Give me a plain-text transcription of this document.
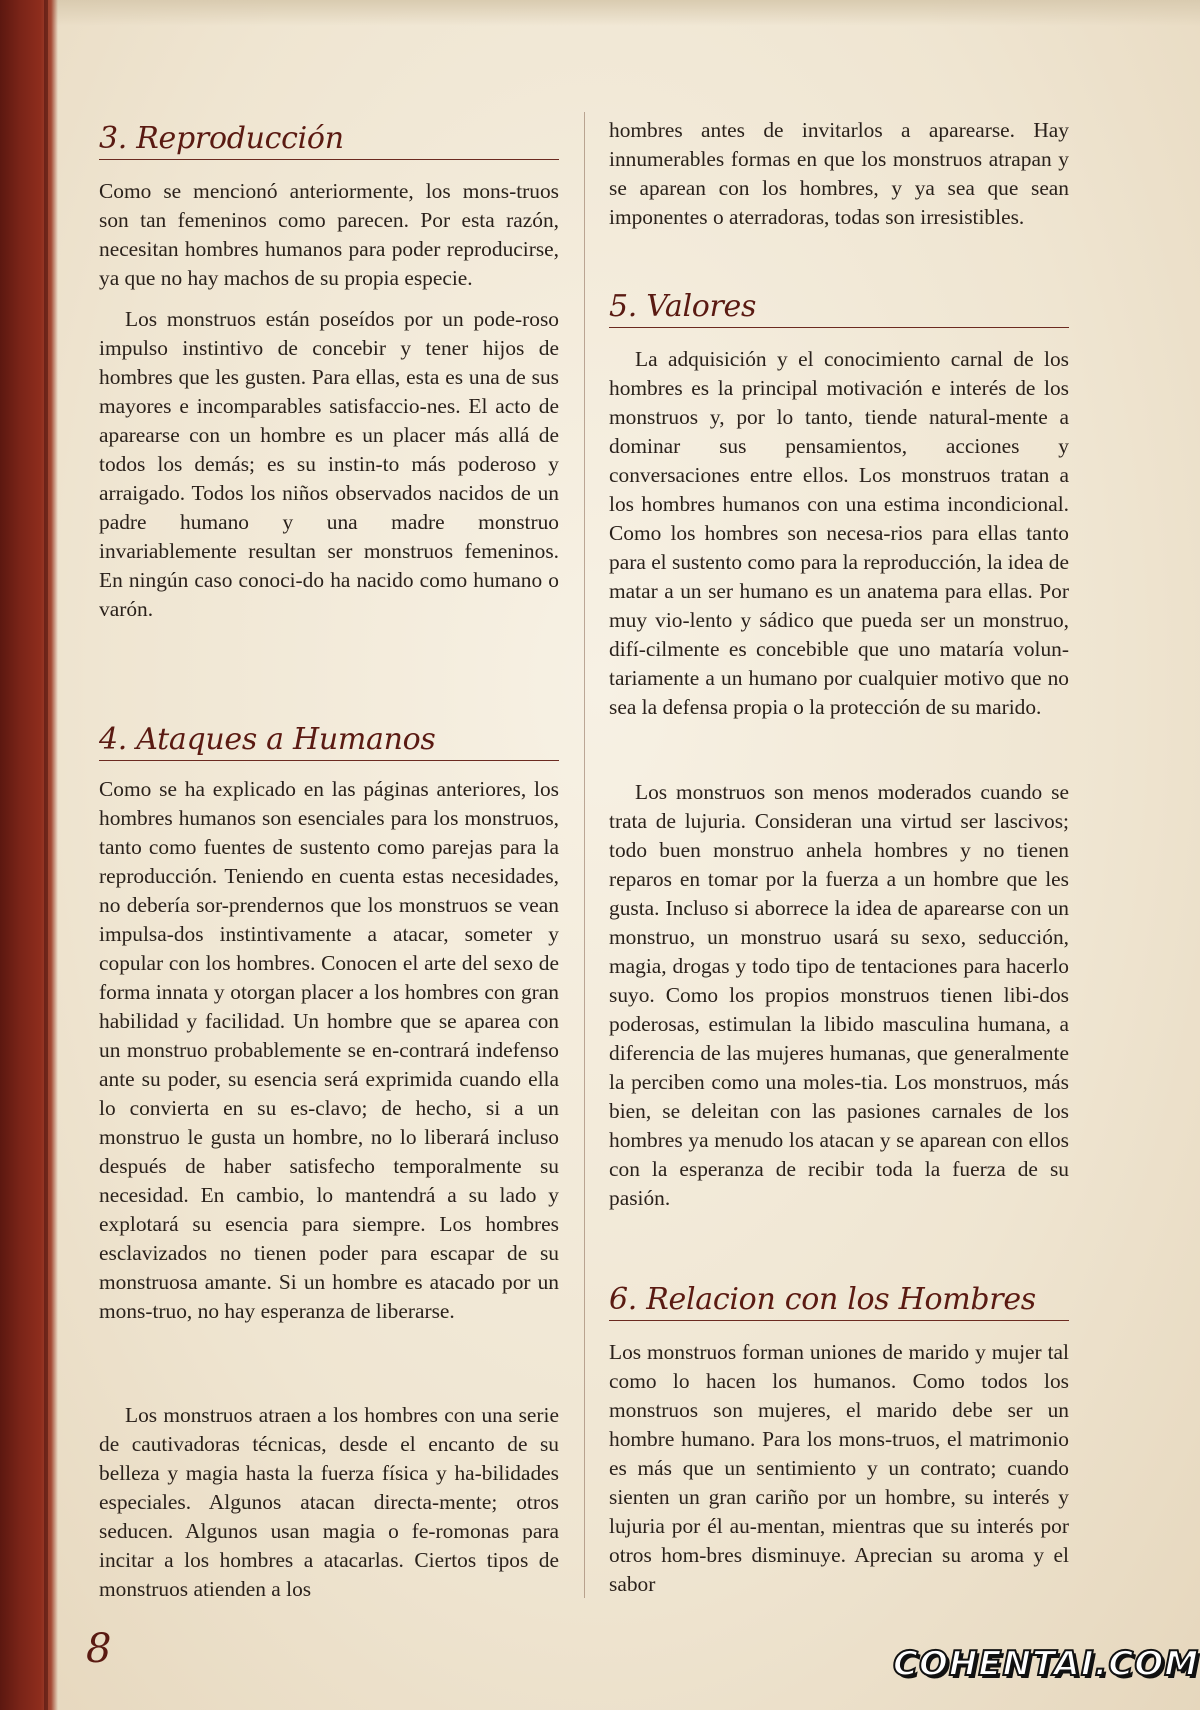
3. Reproducción

Como se mencionó anteriormente, los mons-truos son tan femeninos como parecen. Por esta razón, necesitan hombres humanos para poder reproducirse, ya que no hay machos de su propia especie.

Los monstruos están poseídos por un pode-roso impulso instintivo de concebir y tener hijos de hombres que les gusten. Para ellas, esta es una de sus mayores e incomparables satisfaccio-nes. El acto de aparearse con un hombre es un placer más allá de todos los demás; es su instin-to más poderoso y arraigado. Todos los niños observados nacidos de un padre humano y una madre monstruo invariablemente resultan ser monstruos femeninos. En ningún caso conoci-do ha nacido como humano o varón.

4. Ataques a Humanos

Como se ha explicado en las páginas anteriores, los hombres humanos son esenciales para los monstruos, tanto como fuentes de sustento como parejas para la reproducción. Teniendo en cuenta estas necesidades, no debería sor-prendernos que los monstruos se vean impulsa-dos instintivamente a atacar, someter y copular con los hombres. Conocen el arte del sexo de forma innata y otorgan placer a los hombres con gran habilidad y facilidad. Un hombre que se aparea con un monstruo probablemente se en-contrará indefenso ante su poder, su esencia será exprimida cuando ella lo convierta en su es-clavo; de hecho, si a un monstruo le gusta un hombre, no lo liberará incluso después de haber satisfecho temporalmente su necesidad. En cambio, lo mantendrá a su lado y explotará su esencia para siempre. Los hombres esclavizados no tienen poder para escapar de su monstruosa amante. Si un hombre es atacado por un mons-truo, no hay esperanza de liberarse.

Los monstruos atraen a los hombres con una serie de cautivadoras técnicas, desde el encanto de su belleza y magia hasta la fuerza física y ha-bilidades especiales. Algunos atacan directa-mente; otros seducen. Algunos usan magia o fe-romonas para incitar a los hombres a atacarlas. Ciertos tipos de monstruos atienden a los

hombres antes de invitarlos a aparearse. Hay innumerables formas en que los monstruos atrapan y se aparean con los hombres, y ya sea que sean imponentes o aterradoras, todas son irresistibles.

5. Valores

La adquisición y el conocimiento carnal de los hombres es la principal motivación e interés de los monstruos y, por lo tanto, tiende natural-mente a dominar sus pensamientos, acciones y conversaciones entre ellos. Los monstruos tratan a los hombres humanos con una estima incondicional. Como los hombres son necesa-rios para ellas tanto para el sustento como para la reproducción, la idea de matar a un ser humano es un anatema para ellas. Por muy vio-lento y sádico que pueda ser un monstruo, difí-cilmente es concebible que uno mataría volun-tariamente a un humano por cualquier motivo que no sea la defensa propia o la protección de su marido.

Los monstruos son menos moderados cuando se trata de lujuria. Consideran una virtud ser lascivos; todo buen monstruo anhela hombres y no tienen reparos en tomar por la fuerza a un hombre que les gusta. Incluso si aborrece la idea de aparearse con un monstruo, un monstruo usará su sexo, seducción, magia, drogas y todo tipo de tentaciones para hacerlo suyo. Como los propios monstruos tienen libi-dos poderosas, estimulan la libido masculina humana, a diferencia de las mujeres humanas, que generalmente la perciben como una moles-tia. Los monstruos, más bien, se deleitan con las pasiones carnales de los hombres ya menudo los atacan y se aparean con ellos con la esperanza de recibir toda la fuerza de su pasión.

6. Relacion con los Hombres

Los monstruos forman uniones de marido y mujer tal como lo hacen los humanos. Como todos los monstruos son mujeres, el marido debe ser un hombre humano. Para los mons-truos, el matrimonio es más que un sentimiento y un contrato; cuando sienten un gran cariño por un hombre, su interés y lujuria por él au-mentan, mientras que su interés por otros hom-bres disminuye. Aprecian su aroma y el sabor

8	COHENTAI.COM
